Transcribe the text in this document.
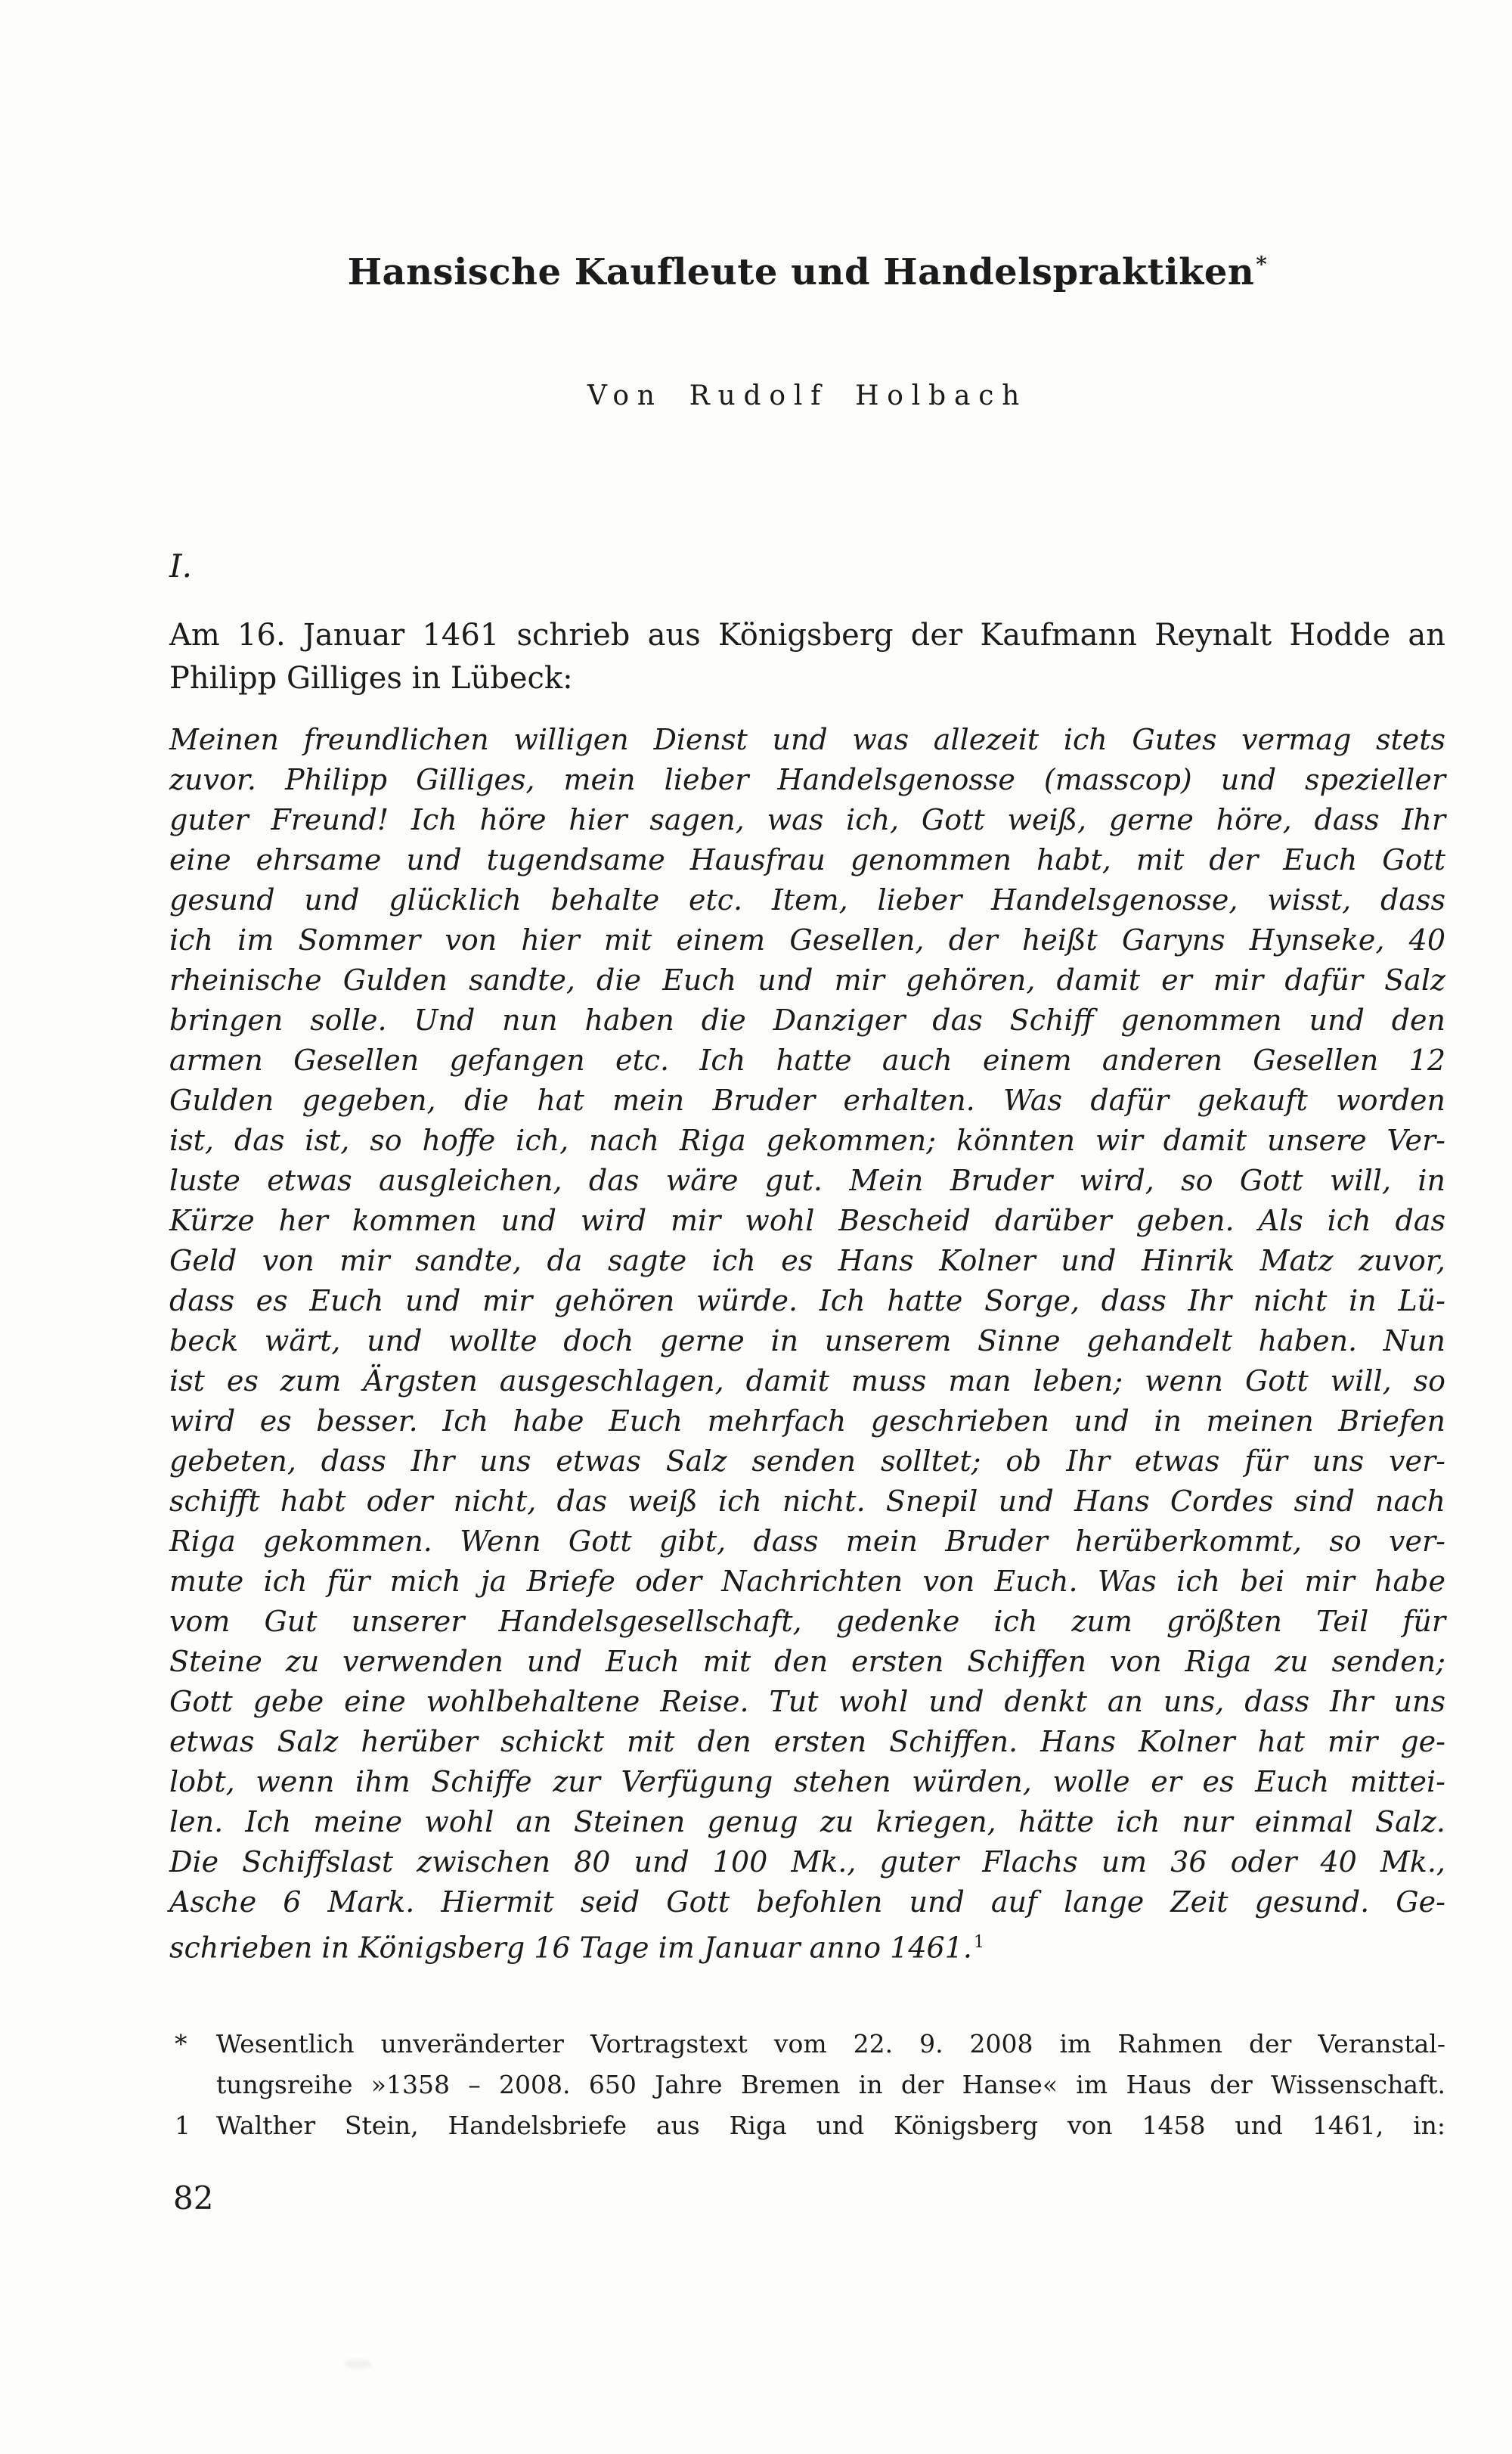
Hansische Kaufleute und Handelspraktiken*
Von Rudolf Holbach
I.
Am 16. Januar 1461 schrieb aus Königsberg der Kaufmann Reynalt Hodde an
Philipp Gilliges in Lübeck:
Meinen freundlichen willigen Dienst und was allezeit ich Gutes vermag stets
zuvor. Philipp Gilliges, mein lieber Handelsgenosse (masscop) und spezieller
guter Freund! Ich höre hier sagen, was ich, Gott weiß, gerne höre, dass Ihr
eine ehrsame und tugendsame Hausfrau genommen habt, mit der Euch Gott
gesund und glücklich behalte etc. Item, lieber Handelsgenosse, wisst, dass
ich im Sommer von hier mit einem Gesellen, der heißt Garyns Hynseke, 40
rheinische Gulden sandte, die Euch und mir gehören, damit er mir dafür Salz
bringen solle. Und nun haben die Danziger das Schiff genommen und den
armen Gesellen gefangen etc. Ich hatte auch einem anderen Gesellen 12
Gulden gegeben, die hat mein Bruder erhalten. Was dafür gekauft worden
ist, das ist, so hoffe ich, nach Riga gekommen; könnten wir damit unsere Ver-
luste etwas ausgleichen, das wäre gut. Mein Bruder wird, so Gott will, in
Kürze her kommen und wird mir wohl Bescheid darüber geben. Als ich das
Geld von mir sandte, da sagte ich es Hans Kolner und Hinrik Matz zuvor,
dass es Euch und mir gehören würde. Ich hatte Sorge, dass Ihr nicht in Lü-
beck wärt, und wollte doch gerne in unserem Sinne gehandelt haben. Nun
ist es zum Ärgsten ausgeschlagen, damit muss man leben; wenn Gott will, so
wird es besser. Ich habe Euch mehrfach geschrieben und in meinen Briefen
gebeten, dass Ihr uns etwas Salz senden solltet; ob Ihr etwas für uns ver-
schifft habt oder nicht, das weiß ich nicht. Snepil und Hans Cordes sind nach
Riga gekommen. Wenn Gott gibt, dass mein Bruder herüberkommt, so ver-
mute ich für mich ja Briefe oder Nachrichten von Euch. Was ich bei mir habe
vom Gut unserer Handelsgesellschaft, gedenke ich zum größten Teil für
Steine zu verwenden und Euch mit den ersten Schiffen von Riga zu senden;
Gott gebe eine wohlbehaltene Reise. Tut wohl und denkt an uns, dass Ihr uns
etwas Salz herüber schickt mit den ersten Schiffen. Hans Kolner hat mir ge-
lobt, wenn ihm Schiffe zur Verfügung stehen würden, wolle er es Euch mittei-
len. Ich meine wohl an Steinen genug zu kriegen, hätte ich nur einmal Salz.
Die Schiffslast zwischen 80 und 100 Mk., guter Flachs um 36 oder 40 Mk.,
Asche 6 Mark. Hiermit seid Gott befohlen und auf lange Zeit gesund. Ge-
schrieben in Königsberg 16 Tage im Januar anno 1461.$^1$
* Wesentlich unveränderter Vortragstext vom 22. 9. 2008 im Rahmen der Veranstal-
tungsreihe »1358 – 2008. 650 Jahre Bremen in der Hanse« im Haus der Wissenschaft.
1 Walther Stein, Handelsbriefe aus Riga und Königsberg von 1458 und 1461, in:
82
